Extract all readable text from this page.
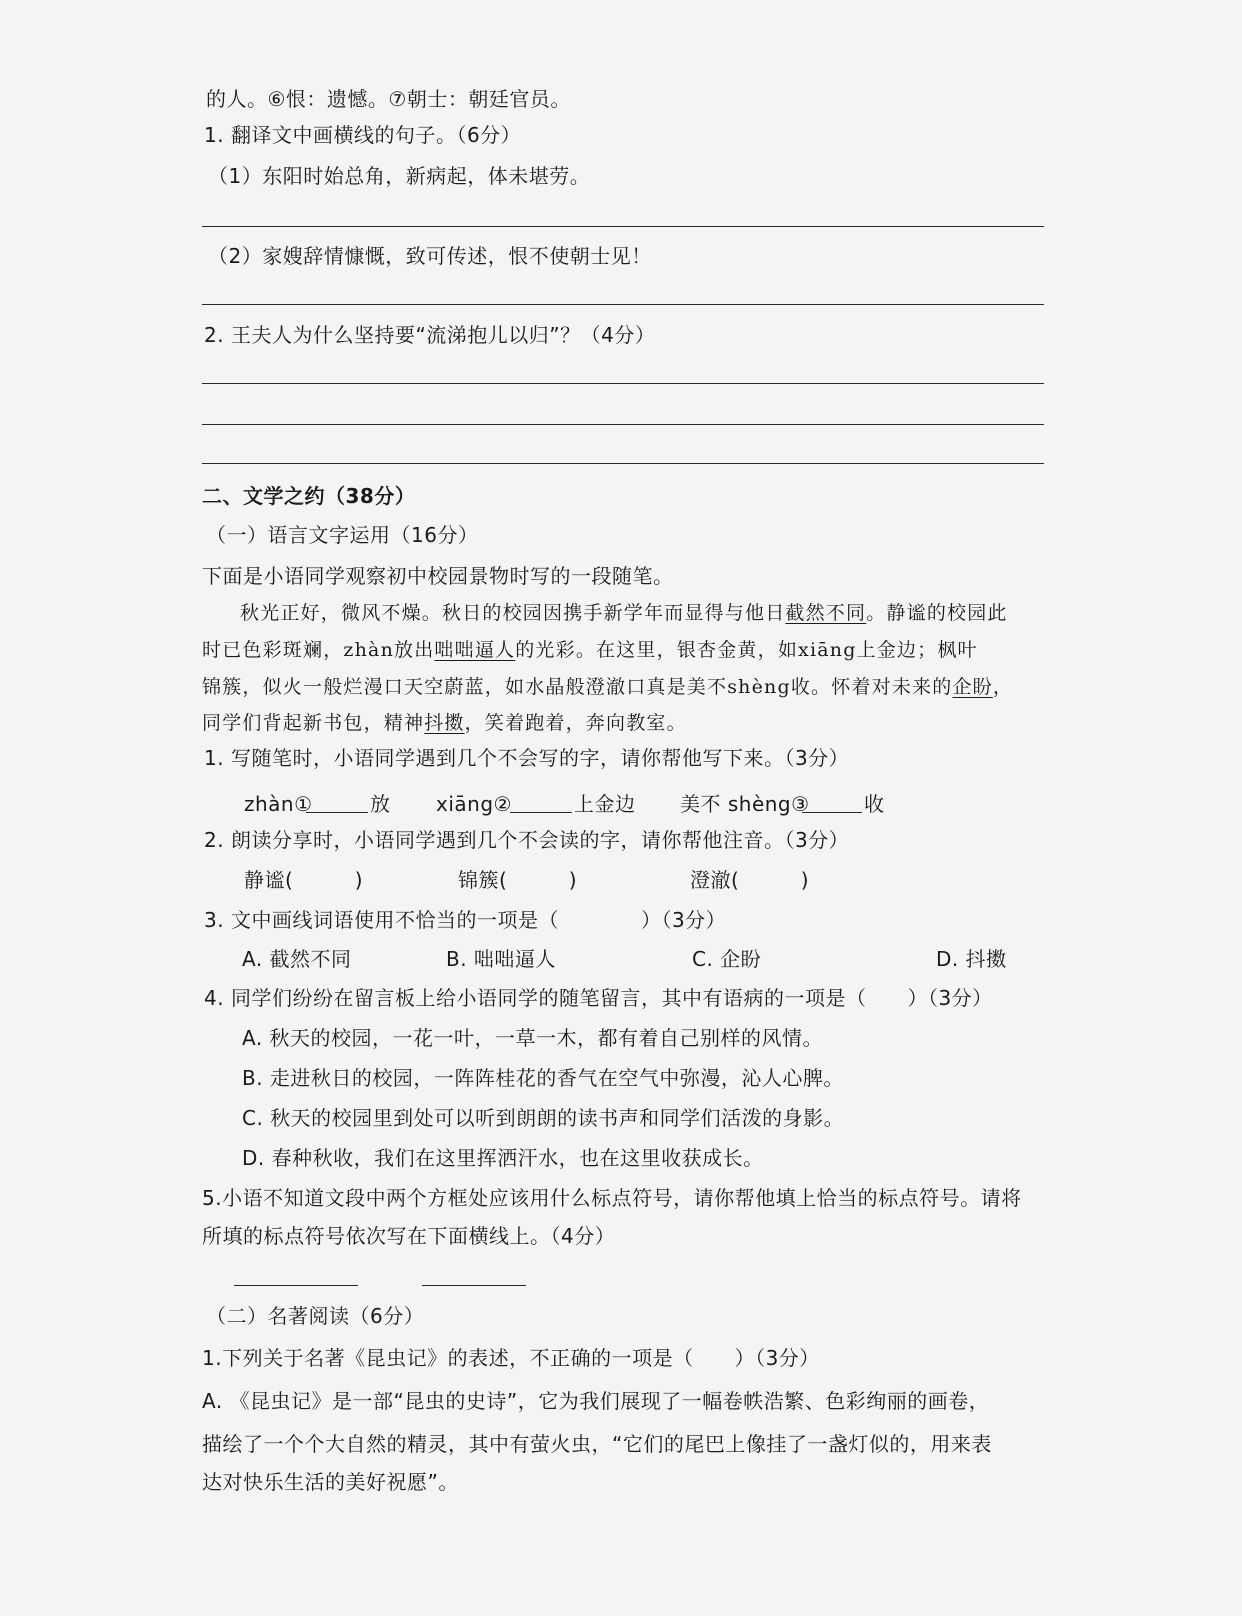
的人。⑥恨：遗憾。⑦朝士：朝廷官员。
1. 翻译文中画横线的句子。（6分）
（1）东阳时始总角，新病起，体未堪劳。
（2）家嫂辞情慷慨，致可传述，恨不使朝士见！
2. 王夫人为什么坚持要“流涕抱儿以归”？（4分）
二、文学之约（38分）
（一）语言文字运用（16分）
下面是小语同学观察初中校园景物时写的一段随笔。
秋光正好，微风不燥。秋日的校园因携手新学年而显得与他日截然不同。静谧的校园此
时已色彩斑斓，zhàn放出咄咄逼人的光彩。在这里，银杏金黄，如xiāng上金边；枫叶
锦簇，似火一般烂漫口天空蔚蓝，如水晶般澄澈口真是美不shèng收。怀着对未来的企盼，
同学们背起新书包，精神抖擞，笑着跑着，奔向教室。
1. 写随笔时，小语同学遇到几个不会写的字，请你帮他写下来。（3分）
zhàn①	放 xiāng②	上金边 美不 shèng③	收
2. 朗读分享时，小语同学遇到几个不会读的字，请你帮他注音。（3分）
静谧(　　　)	锦簇(　　　)	澄澈(　　　)
3. 文中画线词语使用不恰当的一项是（　　　　）（3分）
A. 截然不同	B. 咄咄逼人	C. 企盼	D. 抖擞
4. 同学们纷纷在留言板上给小语同学的随笔留言，其中有语病的一项是（　　）（3分）
A. 秋天的校园，一花一叶，一草一木，都有着自己别样的风情。
B. 走进秋日的校园，一阵阵桂花的香气在空气中弥漫，沁人心脾。
C. 秋天的校园里到处可以听到朗朗的读书声和同学们活泼的身影。
D. 春种秋收，我们在这里挥洒汗水，也在这里收获成长。
5.小语不知道文段中两个方框处应该用什么标点符号，请你帮他填上恰当的标点符号。请将
所填的标点符号依次写在下面横线上。（4分）
（二）名著阅读（6分）
1.下列关于名著《昆虫记》的表述，不正确的一项是（　　）（3分）
A. 《昆虫记》是一部“昆虫的史诗”，它为我们展现了一幅卷帙浩繁、色彩绚丽的画卷，
描绘了一个个大自然的精灵，其中有萤火虫，“它们的尾巴上像挂了一盏灯似的，用来表
达对快乐生活的美好祝愿”。
